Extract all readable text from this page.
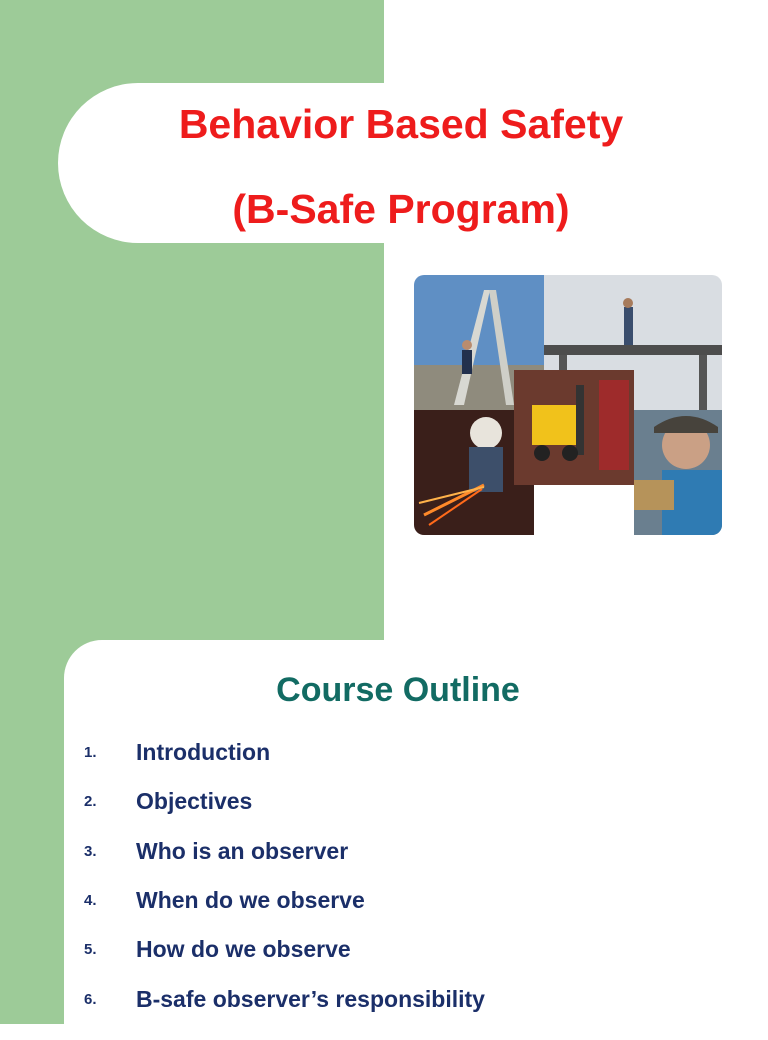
Behavior Based Safety
(B-Safe Program)
Course Outline
1.	Introduction
2.	Objectives
3.	Who is an observer
4.	When do we observe
5.	How do we observe
6.	B-safe observer’s responsibility
